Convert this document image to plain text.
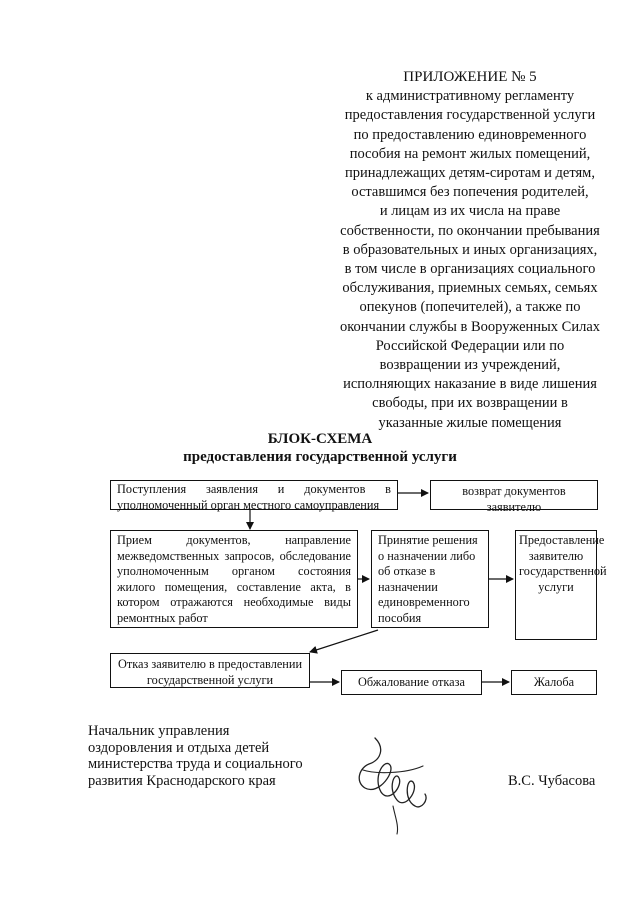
ПРИЛОЖЕНИЕ № 5
к административному регламенту
предоставления государственной услуги
по предоставлению единовременного
пособия на ремонт жилых помещений,
принадлежащих детям-сиротам и детям,
оставшимся без попечения родителей,
и лицам из их числа на праве
собственности, по окончании пребывания
в образовательных и иных организациях,
в том числе в организациях социального
обслуживания, приемных семьях, семьях
опекунов (попечителей), а также по
окончании службы в Вооруженных Силах
Российской Федерации или по
возвращении из учреждений,
исполняющих наказание в виде лишения
свободы, при их возвращении в
указанные жилые помещения
БЛОК-СХЕМА
предоставления государственной услуги
Поступления заявления и документов в уполномоченный орган местного самоуправления
возврат документов заявителю
Прием документов, направление межведомственных запросов, обследование уполномоченным органом состояния жилого помещения, составление акта, в котором отражаются необходимые виды ремонтных работ
Принятие решения о назначении либо об отказе в назначении единовременного пособия
Предоставление заявителю государственной услуги
Отказ заявителю в предоставлении государственной услуги	Обжалование отказа	Жалоба
Начальник управления
оздоровления и отдыха детей
министерства труда и социального
развития Краснодарского края	В.С. Чубасова
